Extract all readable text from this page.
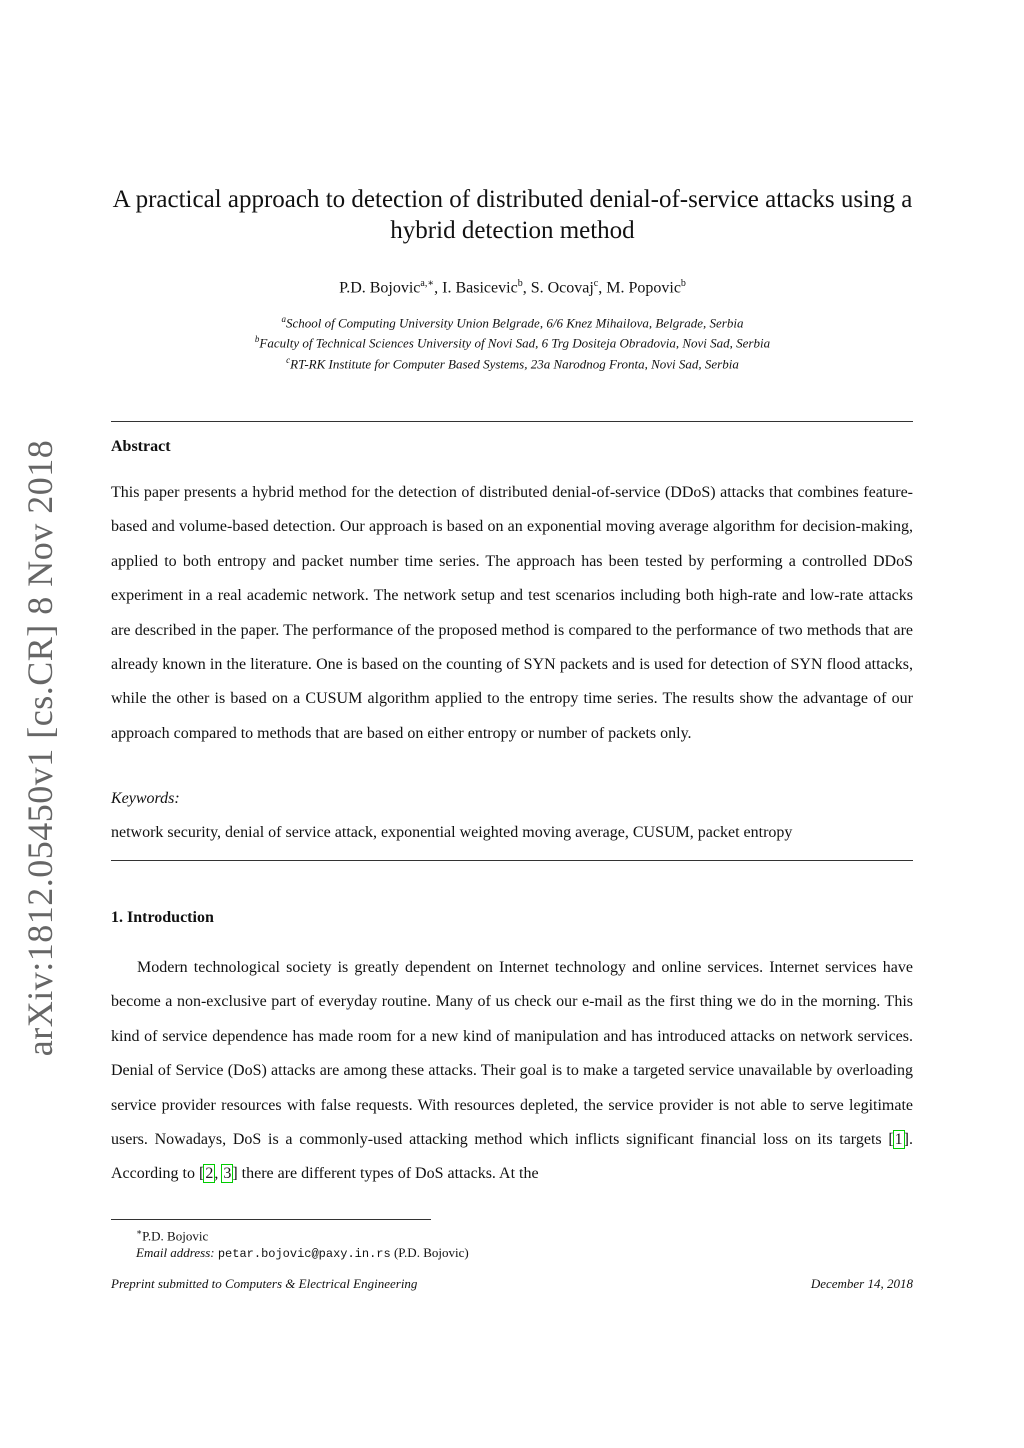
arXiv:1812.05450v1 [cs.CR] 8 Nov 2018
A practical approach to detection of distributed denial-of-service attacks using a hybrid detection method
P.D. Bojovic$^{a,∗}$, I. Basicevic$^b$, S. Ocovaj$^c$, M. Popovic$^b$
$^a$School of Computing University Union Belgrade, 6/6 Knez Mihailova, Belgrade, Serbia
$^b$Faculty of Technical Sciences University of Novi Sad, 6 Trg Dositeja Obradovia, Novi Sad, Serbia
$^c$RT-RK Institute for Computer Based Systems, 23a Narodnog Fronta, Novi Sad, Serbia
Abstract

This paper presents a hybrid method for the detection of distributed denial-of-service (DDoS) attacks that combines feature-based and volume-based detection. Our approach is based on an exponential moving average algorithm for decision-making, applied to both entropy and packet number time series. The approach has been tested by performing a controlled DDoS experiment in a real academic network. The network setup and test scenarios including both high-rate and low-rate attacks are described in the paper. The performance of the proposed method is compared to the performance of two methods that are already known in the literature. One is based on the counting of SYN packets and is used for detection of SYN flood attacks, while the other is based on a CUSUM algorithm applied to the entropy time series. The results show the advantage of our approach compared to methods that are based on either entropy or number of packets only.

Keywords:
network security, denial of service attack, exponential weighted moving average, CUSUM, packet entropy
1. Introduction

Modern technological society is greatly dependent on Internet technology and online services. Internet services have become a non-exclusive part of everyday routine. Many of us check our e-mail as the first thing we do in the morning. This kind of service dependence has made room for a new kind of manipulation and has introduced attacks on network services. Denial of Service (DoS) attacks are among these attacks. Their goal is to make a targeted service unavailable by overloading service provider resources with false requests. With resources depleted, the service provider is not able to serve legitimate users. Nowadays, DoS is a commonly-used attacking method which inflicts significant financial loss on its targets [1]. According to [2, 3] there are different types of DoS attacks. At the

∗P.D. Bojovic
Email address: petar.bojovic@paxy.in.rs (P.D. Bojovic)
Preprint submitted to Computers & Electrical Engineering	December 14, 2018
